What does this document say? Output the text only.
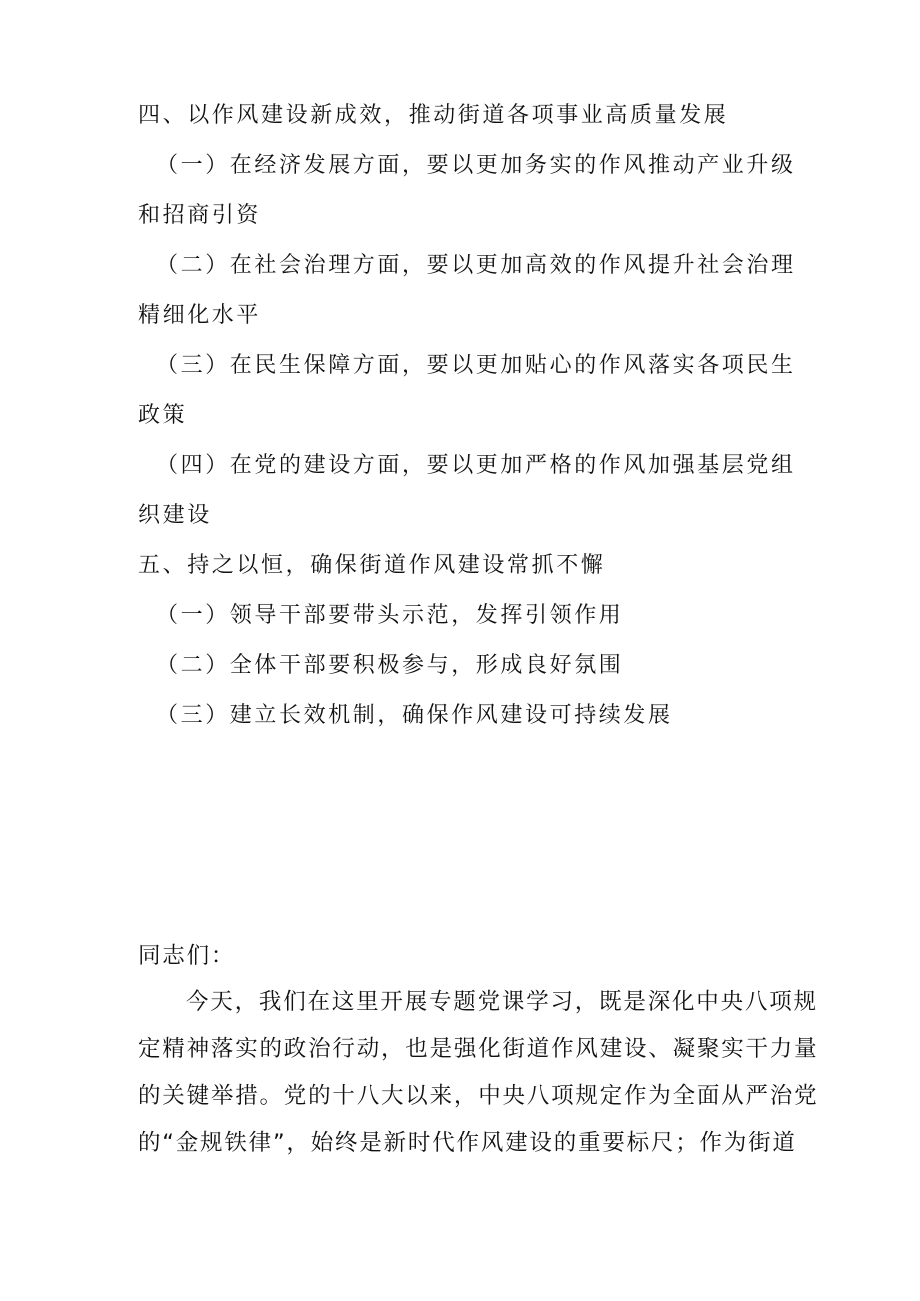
四、以作风建设新成效，推动街道各项事业高质量发展
（一）在经济发展方面，要以更加务实的作风推动产业升级
和招商引资
（二）在社会治理方面，要以更加高效的作风提升社会治理
精细化水平
（三）在民生保障方面，要以更加贴心的作风落实各项民生
政策
（四）在党的建设方面，要以更加严格的作风加强基层党组
织建设
五、持之以恒，确保街道作风建设常抓不懈
（一）领导干部要带头示范，发挥引领作用
（二）全体干部要积极参与，形成良好氛围
（三）建立长效机制，确保作风建设可持续发展
同志们：
今天，我们在这里开展专题党课学习，既是深化中央八项规
定精神落实的政治行动，也是强化街道作风建设、凝聚实干力量
的关键举措。党的十八大以来，中央八项规定作为全面从严治党
的“金规铁律”，始终是新时代作风建设的重要标尺；作为街道
